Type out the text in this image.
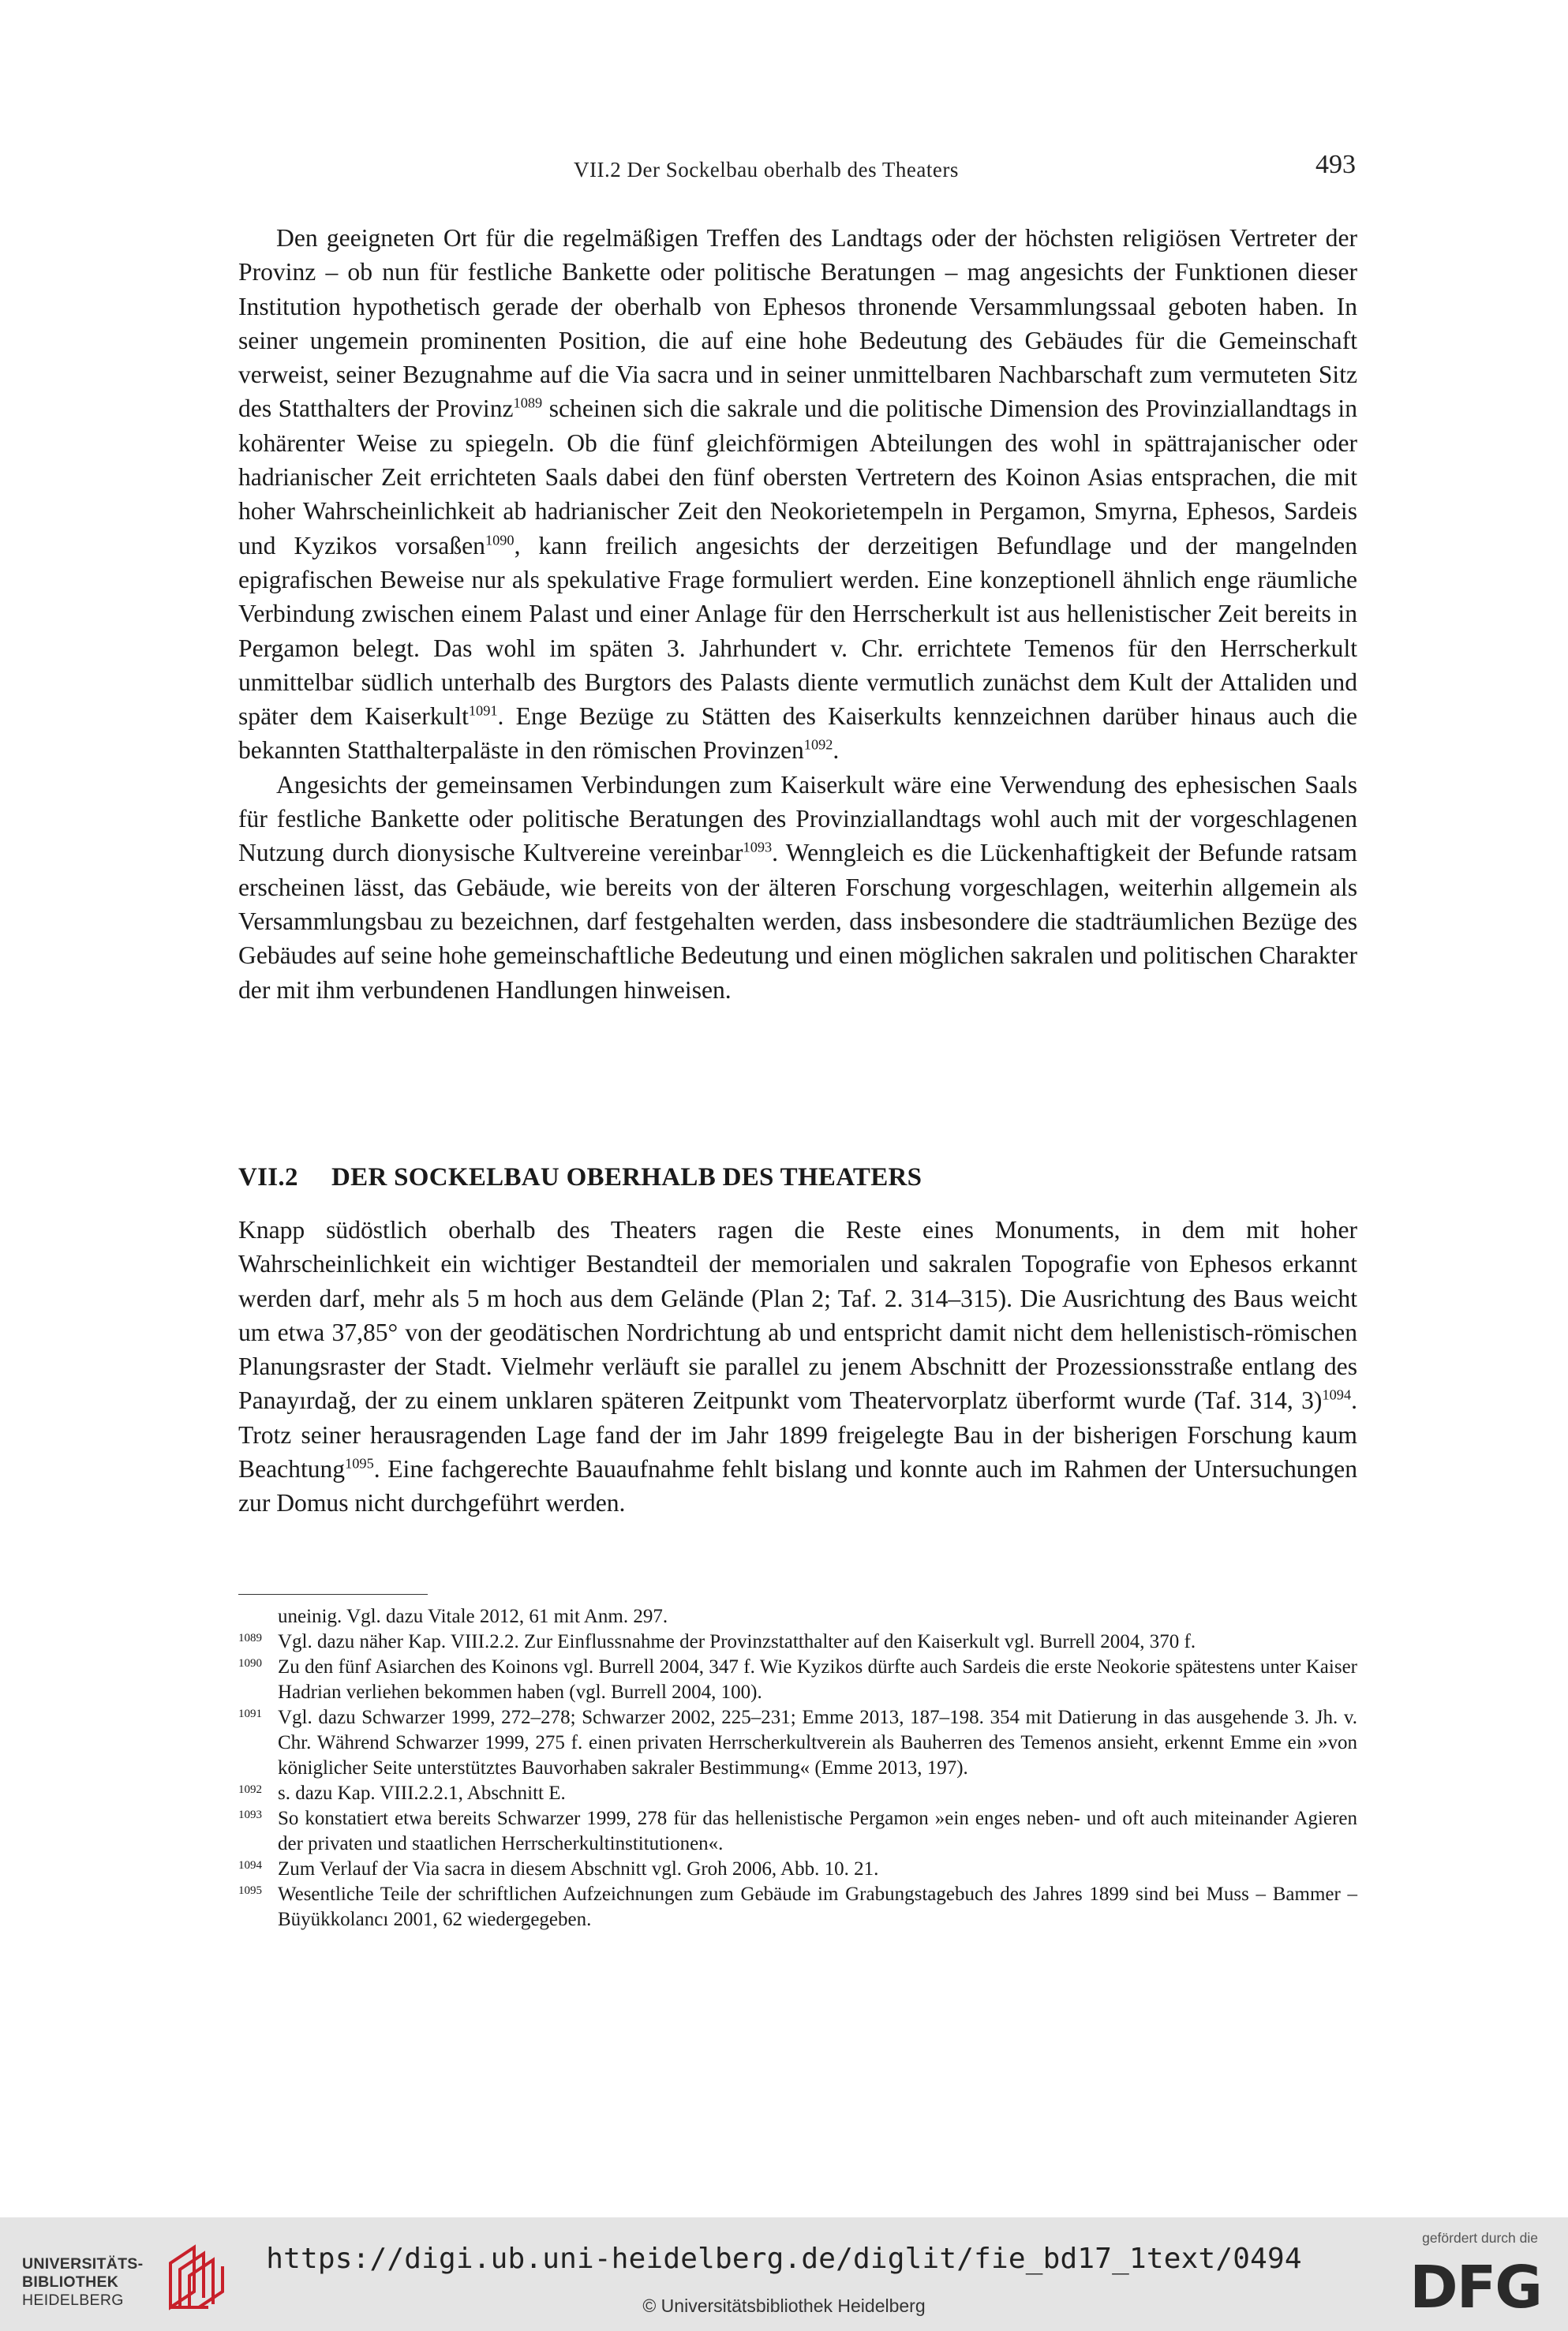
VII.2 Der Sockelbau oberhalb des Theaters	493

Den geeigneten Ort für die regelmäßigen Treffen des Landtags oder der höchsten religiösen Vertreter der Provinz – ob nun für festliche Bankette oder politische Beratungen – mag angesichts der Funktionen dieser Institution hypothetisch gerade der oberhalb von Ephesos thronende Versammlungssaal geboten haben. In seiner ungemein prominenten Position, die auf eine hohe Bedeutung des Gebäudes für die Gemeinschaft verweist, seiner Bezugnahme auf die Via sacra und in seiner unmittelbaren Nachbarschaft zum vermuteten Sitz des Statthalters der Provinz$^{1089}$ scheinen sich die sakrale und die politische Dimension des Provinziallandtags in kohärenter Weise zu spiegeln. Ob die fünf gleichförmigen Abteilungen des wohl in spättrajanischer oder hadrianischer Zeit errichteten Saals dabei den fünf obersten Vertretern des Koinon Asias entsprachen, die mit hoher Wahrscheinlichkeit ab hadrianischer Zeit den Neokorietempeln in Pergamon, Smyrna, Ephesos, Sardeis und Kyzikos vorsaßen$^{1090}$, kann freilich angesichts der derzeitigen Befundlage und der mangelnden epigrafischen Beweise nur als spekulative Frage formuliert werden. Eine konzeptionell ähnlich enge räumliche Verbindung zwischen einem Palast und einer Anlage für den Herrscherkult ist aus hellenistischer Zeit bereits in Pergamon belegt. Das wohl im späten 3. Jahrhundert v. Chr. errichtete Temenos für den Herrscherkult unmittelbar südlich unterhalb des Burgtors des Palasts diente vermutlich zunächst dem Kult der Attaliden und später dem Kaiserkult$^{1091}$. Enge Bezüge zu Stätten des Kaiserkults kennzeichnen darüber hinaus auch die bekannten Statthalterpaläste in den römischen Provinzen$^{1092}$.

Angesichts der gemeinsamen Verbindungen zum Kaiserkult wäre eine Verwendung des ephesischen Saals für festliche Bankette oder politische Beratungen des Provinziallandtags wohl auch mit der vorgeschlagenen Nutzung durch dionysische Kultvereine vereinbar$^{1093}$. Wenngleich es die Lückenhaftigkeit der Befunde ratsam erscheinen lässt, das Gebäude, wie bereits von der älteren Forschung vorgeschlagen, weiterhin allgemein als Versammlungsbau zu bezeichnen, darf festgehalten werden, dass insbesondere die stadträumlichen Bezüge des Gebäudes auf seine hohe gemeinschaftliche Bedeutung und einen möglichen sakralen und politischen Charakter der mit ihm verbundenen Handlungen hinweisen.

VII.2 DER SOCKELBAU OBERHALB DES THEATERS

Knapp südöstlich oberhalb des Theaters ragen die Reste eines Monuments, in dem mit hoher Wahrscheinlichkeit ein wichtiger Bestandteil der memorialen und sakralen Topografie von Ephesos erkannt werden darf, mehr als 5 m hoch aus dem Gelände (Plan 2; Taf. 2. 314–315). Die Ausrichtung des Baus weicht um etwa 37,85° von der geodätischen Nordrichtung ab und entspricht damit nicht dem hellenistisch-römischen Planungsraster der Stadt. Vielmehr verläuft sie parallel zu jenem Abschnitt der Prozessionsstraße entlang des Panayırdağ, der zu einem unklaren späteren Zeitpunkt vom Theatervorplatz überformt wurde (Taf. 314, 3)$^{1094}$. Trotz seiner herausragenden Lage fand der im Jahr 1899 freigelegte Bau in der bisherigen Forschung kaum Beachtung$^{1095}$. Eine fachgerechte Bauaufnahme fehlt bislang und konnte auch im Rahmen der Untersuchungen zur Domus nicht durchgeführt werden.

uneinig. Vgl. dazu Vitale 2012, 61 mit Anm. 297.
1089 Vgl. dazu näher Kap. VIII.2.2. Zur Einflussnahme der Provinzstatthalter auf den Kaiserkult vgl. Burrell 2004, 370 f.
1090 Zu den fünf Asiarchen des Koinons vgl. Burrell 2004, 347 f. Wie Kyzikos dürfte auch Sardeis die erste Neokorie spätestens unter Kaiser Hadrian verliehen bekommen haben (vgl. Burrell 2004, 100).
1091 Vgl. dazu Schwarzer 1999, 272–278; Schwarzer 2002, 225–231; Emme 2013, 187–198. 354 mit Datierung in das ausgehende 3. Jh. v. Chr. Während Schwarzer 1999, 275 f. einen privaten Herrscherkultverein als Bauherren des Temenos ansieht, erkennt Emme ein »von königlicher Seite unterstütztes Bauvorhaben sakraler Bestimmung« (Emme 2013, 197).
1092 s. dazu Kap. VIII.2.2.1, Abschnitt E.
1093 So konstatiert etwa bereits Schwarzer 1999, 278 für das hellenistische Pergamon »ein enges neben- und oft auch miteinander Agieren der privaten und staatlichen Herrscherkultinstitutionen«.
1094 Zum Verlauf der Via sacra in diesem Abschnitt vgl. Groh 2006, Abb. 10. 21.
1095 Wesentliche Teile der schriftlichen Aufzeichnungen zum Gebäude im Grabungstagebuch des Jahres 1899 sind bei Muss – Bammer – Büyükkolancı 2001, 62 wiedergegeben.
UNIVERSITÄTS-
BIBLIOTHEK
HEIDELBERG
https://digi.ub.uni-heidelberg.de/diglit/fie_bd17_1text/0494
© Universitätsbibliothek Heidelberg
gefördert durch die
DFG
